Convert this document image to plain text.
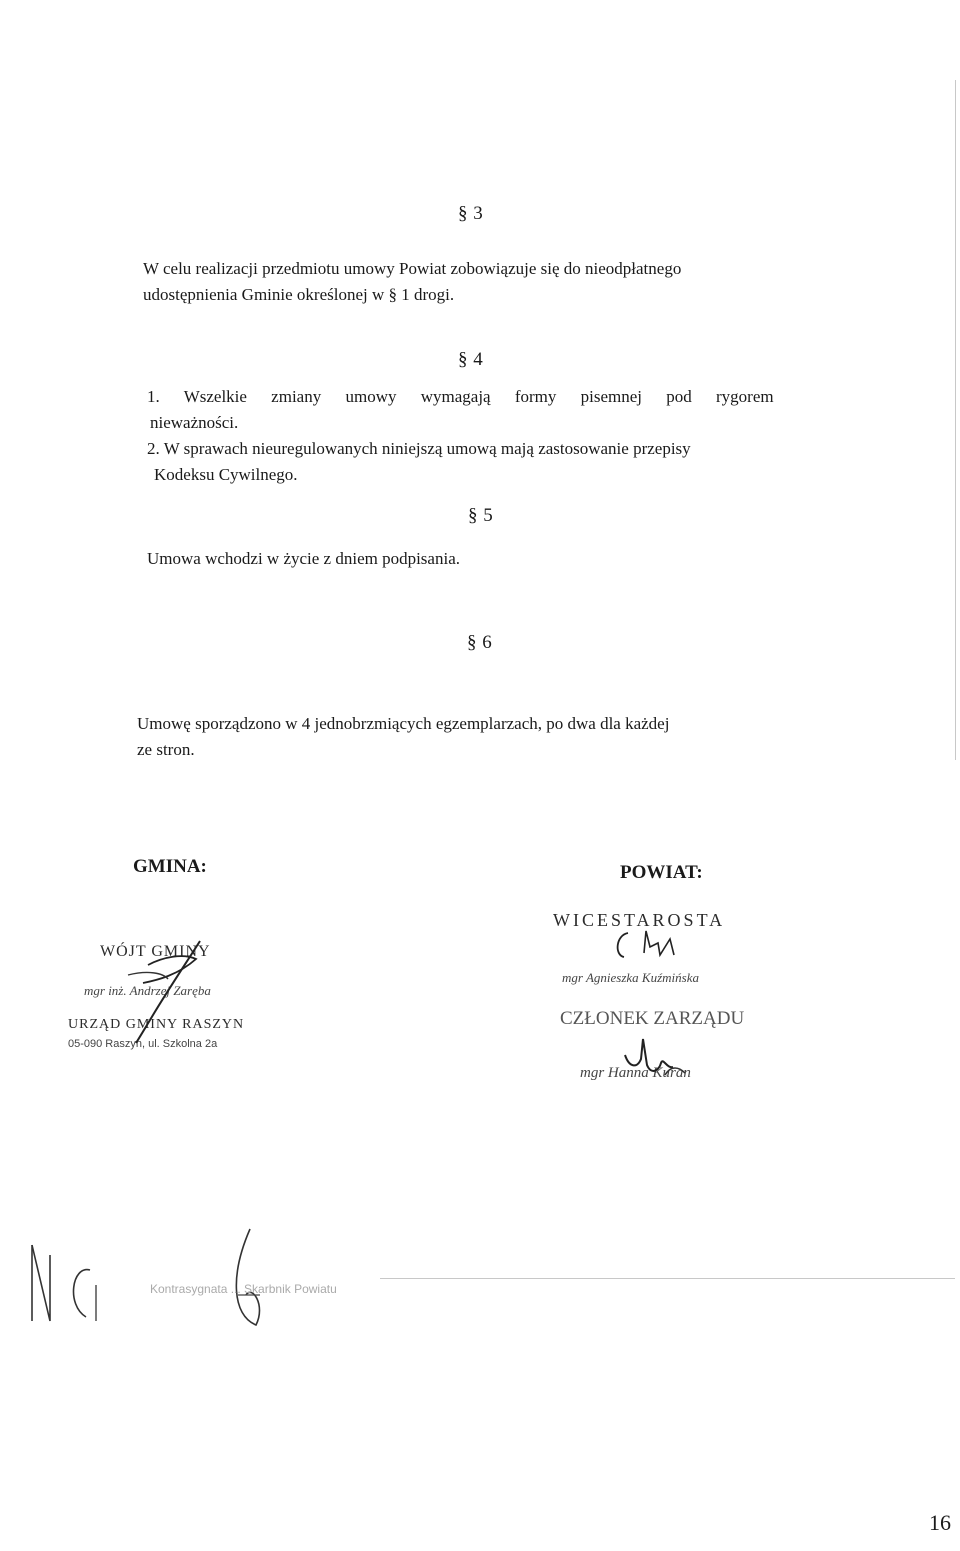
§ 3
W celu realizacji przedmiotu umowy Powiat zobowiązuje się do nieodpłatnego
udostępnienia Gminie określonej w § 1 drogi.
§ 4
1. Wszelkie zmiany umowy wymagają formy pisemnej pod rygorem
nieważności.
2. W sprawach nieuregulowanych niniejszą umową mają zastosowanie przepisy
Kodeksu Cywilnego.
§ 5
Umowa wchodzi w życie z dniem podpisania.
§ 6
Umowę sporządzono w 4 jednobrzmiących egzemplarzach, po dwa dla każdej
ze stron.
GMINA:	POWIAT:
WÓJT GMINY
mgr inż. Andrzej Zaręba
URZĄD GMINY RASZYN
05-090 Raszyn, ul. Szkolna 2a
WICESTAROSTA
mgr Agnieszka Kuźmińska
CZŁONEK ZARZĄDU
mgr Hanna Kuran
Kontrasygnata ... Skarbnik Powiatu
16
